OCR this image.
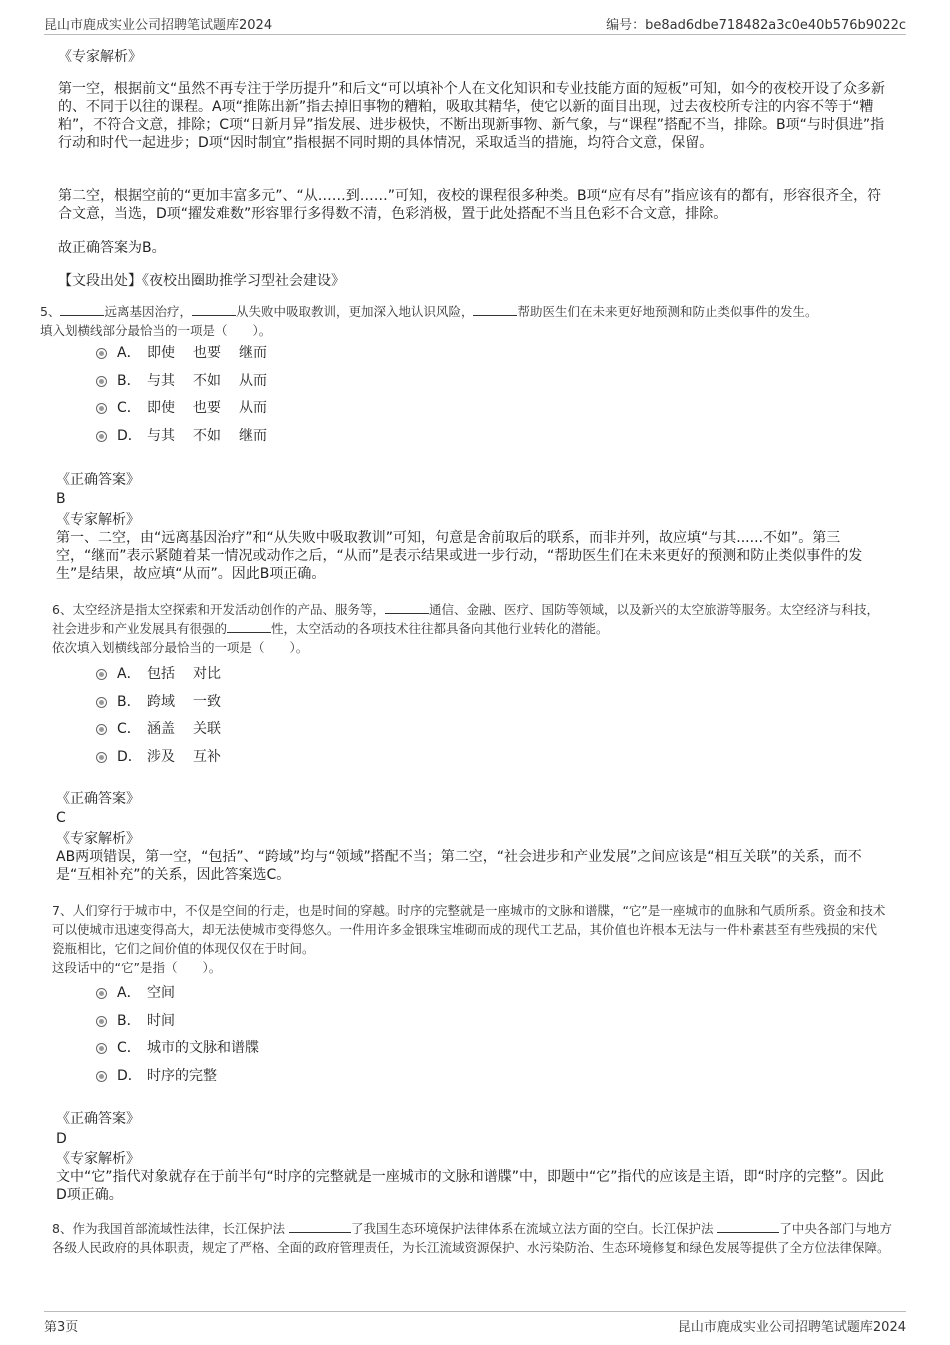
昆山市鹿成实业公司招聘笔试题库2024	编号：be8ad6dbe718482a3c0e40b576b9022c
《专家解析》

第一空，根据前文“虽然不再专注于学历提升”和后文“可以填补个人在文化知识和专业技能方面的短板”可知，如今的夜校开设了众多新的、不同于以往的课程。A项“推陈出新”指去掉旧事物的糟粕，吸取其精华，使它以新的面目出现，过去夜校所专注的内容不等于“糟粕”，不符合文意，排除；C项“日新月异”指发展、进步极快，不断出现新事物、新气象，与“课程”搭配不当，排除。B项“与时俱进”指行动和时代一起进步；D项“因时制宜”指根据不同时期的具体情况，采取适当的措施，均符合文意，保留。

第二空，根据空前的“更加丰富多元”、“从……到……”可知，夜校的课程很多种类。B项“应有尽有”指应该有的都有，形容很齐全，符合文意，当选，D项“擢发难数”形容罪行多得数不清，色彩消极，置于此处搭配不当且色彩不合文意，排除。

故正确答案为B。

【文段出处】《夜校出圈助推学习型社会建设》

5、	远离基因治疗，	从失败中吸取教训，更加深入地认识风险，	帮助医生们在未来更好地预测和防止类似事件的发生。
填入划横线部分最恰当的一项是（　　）。
A． 即使 也要 继而
B． 与其 不如 从而
C． 即使 也要 从而
D． 与其 不如 继而
《正确答案》
B
《专家解析》

第一、二空，由“远离基因治疗”和“从失败中吸取教训”可知，句意是舍前取后的联系，而非并列，故应填“与其......不如”。第三空，“继而”表示紧随着某一情况或动作之后，“从而”是表示结果或进一步行动，“帮助医生们在未来更好的预测和防止类似事件的发生”是结果，故应填“从而”。因此B项正确。

6、太空经济是指太空探索和开发活动创作的产品、服务等，	通信、金融、医疗、国防等领域，以及新兴的太空旅游等服务。太空经济与科技，社会进步和产业发展具有很强的	性，太空活动的各项技术往往都具备向其他行业转化的潜能。
依次填入划横线部分最恰当的一项是（　　）。
A． 包括 对比
B． 跨域 一致
C． 涵盖 关联
D． 涉及 互补
《正确答案》
C
《专家解析》

AB两项错误，第一空，“包括”、“跨域”均与“领域”搭配不当；第二空，“社会进步和产业发展”之间应该是“相互关联”的关系，而不是“互相补充”的关系，因此答案选C。

7、人们穿行于城市中，不仅是空间的行走，也是时间的穿越。时序的完整就是一座城市的文脉和谱牒，“它”是一座城市的血脉和气质所系。资金和技术可以使城市迅速变得高大，却无法使城市变得悠久。一件用许多金银珠宝堆砌而成的现代工艺品，其价值也许根本无法与一件朴素甚至有些残损的宋代瓷瓶相比，它们之间价值的体现仅仅在于时间。
这段话中的“它”是指（　　）。
A． 空间
B． 时间
C． 城市的文脉和谱牒
D． 时序的完整
《正确答案》
D
《专家解析》

文中“它”指代对象就存在于前半句“时序的完整就是一座城市的文脉和谱牒”中，即题中“它”指代的应该是主语，即“时序的完整”。因此D项正确。

8、作为我国首部流域性法律，长江保护法	了我国生态环境保护法律体系在流域立法方面的空白。长江保护法	了中央各部门与地方各级人民政府的具体职责，规定了严格、全面的政府管理责任，为长江流域资源保护、水污染防治、生态环境修复和绿色发展等提供了全方位法律保障。
第3页	昆山市鹿成实业公司招聘笔试题库2024
